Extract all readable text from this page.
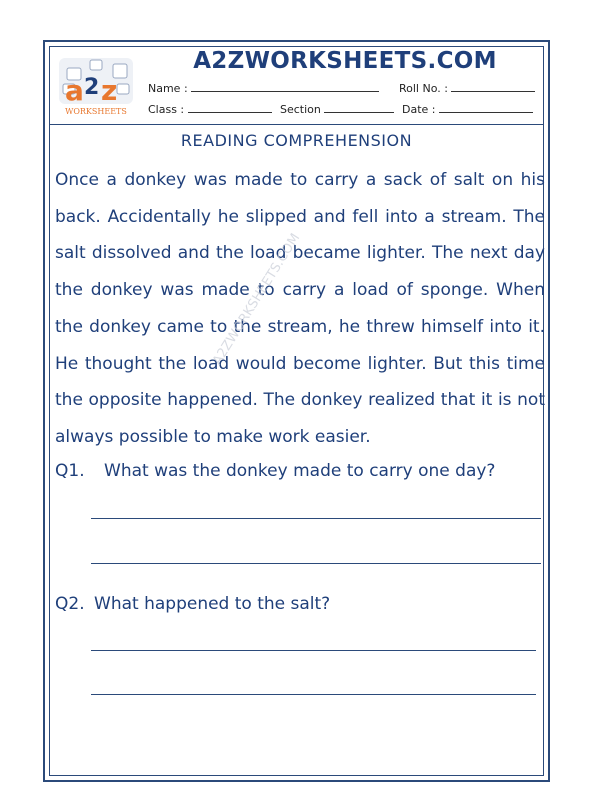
a 2 z
WORKSHEETS
A2ZWORKSHEETS.COM
Name :	Roll No. :
Class :	Section	Date :
READING COMPREHENSION
Once a donkey was made to carry a sack of salt on his back. Accidentally he slipped and fell into a stream. The salt dissolved and the load became lighter. The next day the donkey was made to carry a load of sponge. When the donkey came to the stream, he threw himself into it. He thought the load would become lighter. But this time the opposite happened. The donkey realized that it is not always possible to make work easier.
A2ZWORKSHEETS.COM
Q1. What was the donkey made to carry one day?
Q2. What happened to the salt?
